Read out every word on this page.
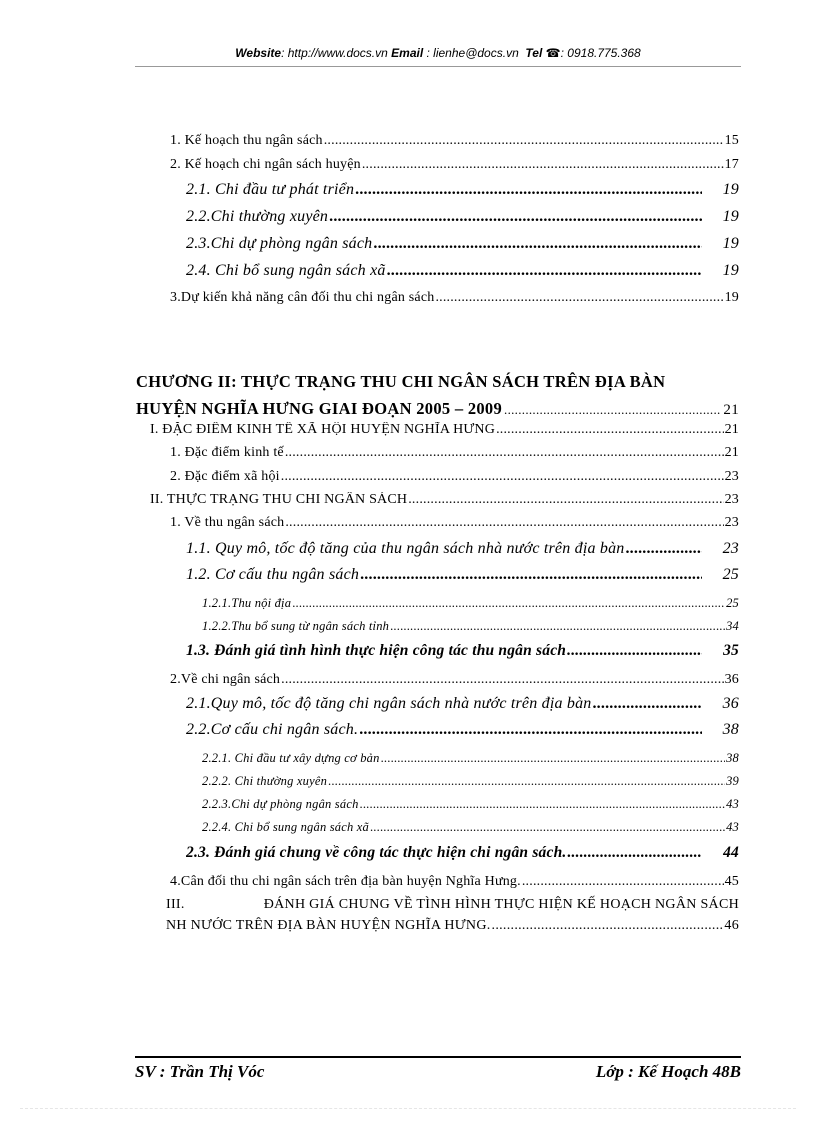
Website: http://www.docs.vn Email : lienhe@docs.vn Tel ☎: 0918.775.368
1. Kế hoạch thu ngân sách .....	15
2. Kế hoạch chi ngân sách huyện .....	17
2.1. Chi đầu tư phát triển .....	19
2.2.Chi thường xuyên .....	19
2.3.Chi dự phòng ngân sách .....	19
2.4. Chi bổ sung ngân sách xã .....	19
3.Dự kiến khả năng cân đối thu chi ngân sách .....	19
CHƯƠNG II: THỰC TRẠNG THU CHI NGÂN SÁCH TRÊN ĐỊA BÀN
HUYỆN NGHĨA HƯNG GIAI ĐOẠN 2005 – 2009 .....	21
I. ĐẶC ĐIỂM KINH TẾ XÃ HỘI HUYỆN NGHĨA HƯNG .....	21
1. Đặc điểm kinh tế .....	21
2. Đặc điểm xã hội .....	23
II. THỰC TRẠNG THU CHI NGÂN SÁCH .....	23
1. Về thu ngân sách .....	23
1.1. Quy mô, tốc độ tăng của thu ngân sách nhà nước trên địa bàn .....	23
1.2. Cơ cấu thu ngân sách .....	25
1.2.1.Thu nội địa .....	25
1.2.2.Thu bổ sung từ ngân sách tỉnh .....	34
1.3. Đánh giá tình hình thực hiện công tác thu ngân sách .....	35
2.Về chi ngân sách .....	36
2.1.Quy mô, tốc độ tăng chi ngân sách nhà nước trên địa bàn .....	36
2.2.Cơ cấu chi ngân sách. .....	38
2.2.1. Chi đầu tư xây dựng cơ bản .....	38
2.2.2. Chi thường xuyên .....	39
2.2.3.Chi dự phòng ngân sách .....	43
2.2.4. Chi bổ sung ngân sách xã .....	43
2.3. Đánh giá chung về công tác thực hiện chi ngân sách. .....	44
4.Cân đối thu chi ngân sách trên địa bàn huyện Nghĩa Hưng. .....	45
III.	ĐÁNH GIÁ CHUNG VỀ TÌNH HÌNH THỰC HIỆN KẾ HOẠCH NGÂN SÁCH
NH NƯỚC TRÊN ĐỊA BÀN HUYỆN NGHĨA HƯNG. .....	46
SV : Trần Thị Vóc	Lớp : Kế Hoạch 48B
